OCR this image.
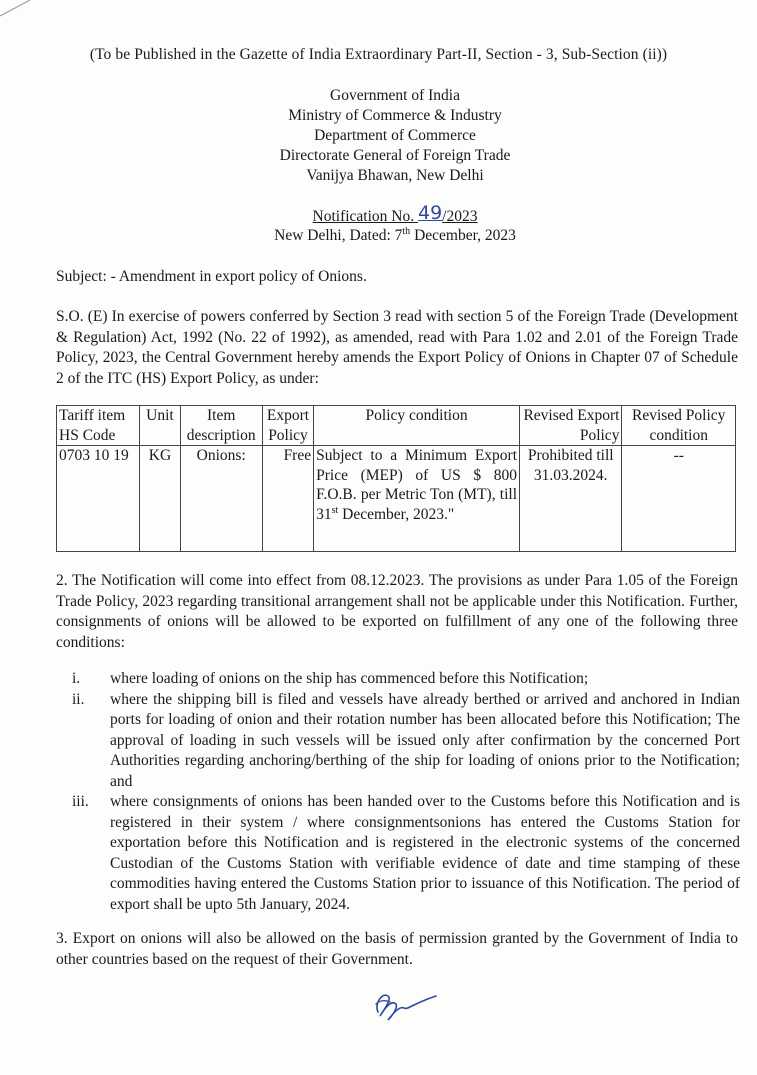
(To be Published in the Gazette of India Extraordinary Part-II, Section - 3, Sub-Section (ii))
Government of India
Ministry of Commerce & Industry
Department of Commerce
Directorate General of Foreign Trade
Vanijya Bhawan, New Delhi
Notification No. 49/2023
New Delhi, Dated: 7th December, 2023
Subject: - Amendment in export policy of Onions.

S.O. (E) In exercise of powers conferred by Section 3 read with section 5 of the Foreign Trade (Development & Regulation) Act, 1992 (No. 22 of 1992), as amended, read with Para 1.02 and 2.01 of the Foreign Trade Policy, 2023, the Central Government hereby amends the Export Policy of Onions in Chapter 07 of Schedule 2 of the ITC (HS) Export Policy, as under:

Tariff item HS Code	Unit	Item description	Export Policy	Policy condition	Revised Export Policy	Revised Policy condition
0703 10 19	KG	Onions:	Free	Subject to a Minimum Export Price (MEP) of US $ 800 F.O.B. per Metric Ton (MT), till 31st December, 2023."	Prohibited till 31.03.2024.	--

2. The Notification will come into effect from 08.12.2023. The provisions as under Para 1.05 of the Foreign Trade Policy, 2023 regarding transitional arrangement shall not be applicable under this Notification. Further, consignments of onions will be allowed to be exported on fulfillment of any one of the following three conditions:

i.	where loading of onions on the ship has commenced before this Notification;
ii.	where the shipping bill is filed and vessels have already berthed or arrived and anchored in Indian ports for loading of onion and their rotation number has been allocated before this Notification; The approval of loading in such vessels will be issued only after confirmation by the concerned Port Authorities regarding anchoring/berthing of the ship for loading of onions prior to the Notification; and
iii.	where consignments of onions has been handed over to the Customs before this Notification and is registered in their system / where consignmentsonions has entered the Customs Station for exportation before this Notification and is registered in the electronic systems of the concerned Custodian of the Customs Station with verifiable evidence of date and time stamping of these commodities having entered the Customs Station prior to issuance of this Notification. The period of export shall be upto 5th January, 2024.

3. Export on onions will also be allowed on the basis of permission granted by the Government of India to other countries based on the request of their Government.
